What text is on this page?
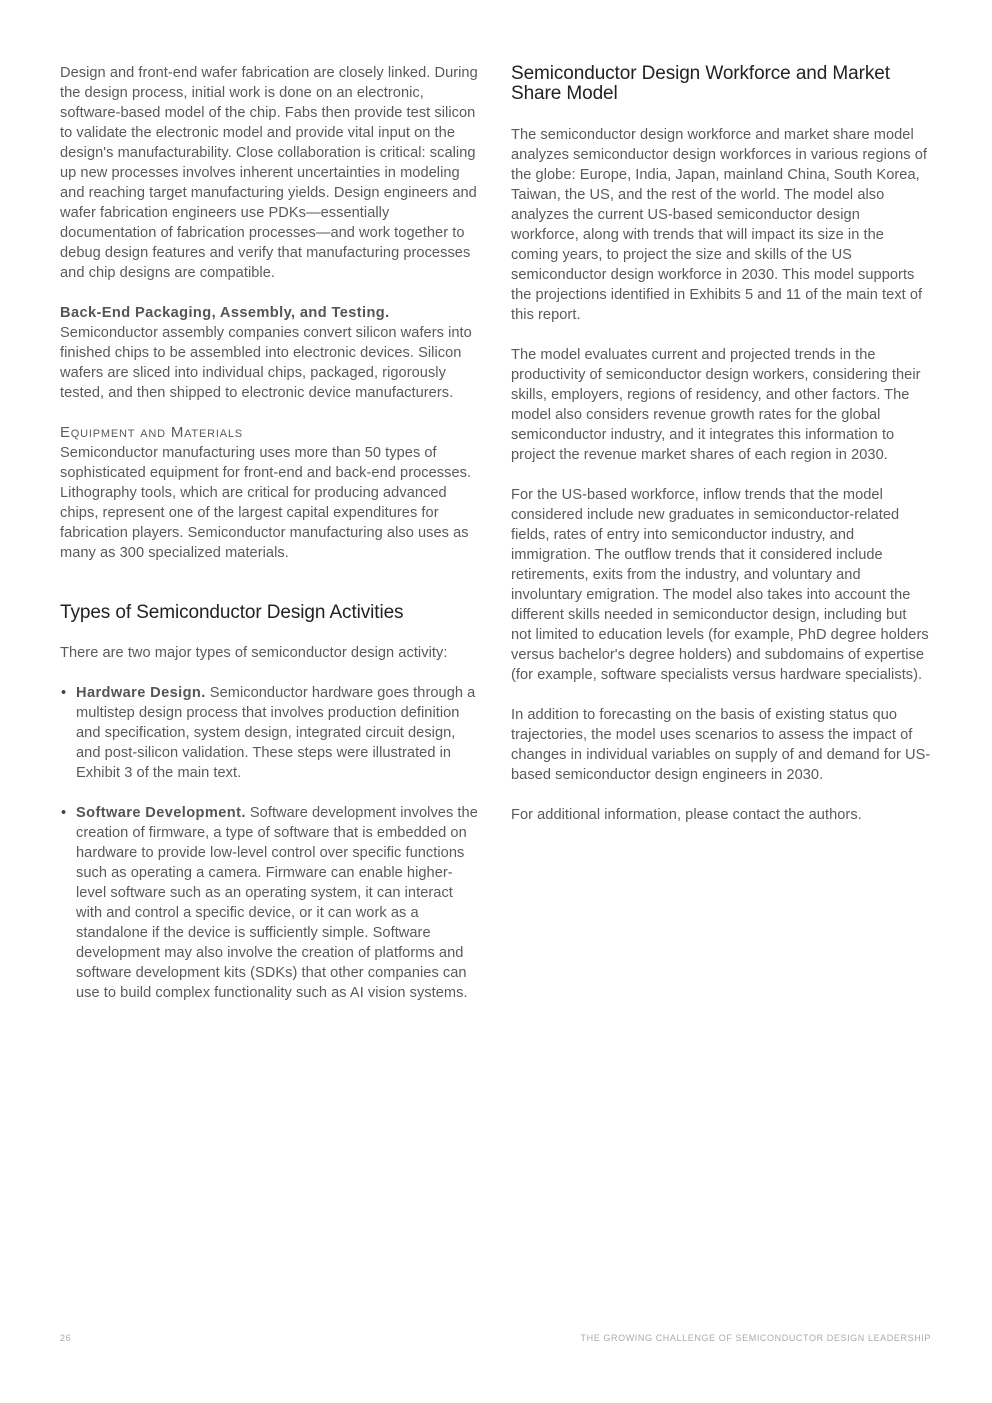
Design and front-end wafer fabrication are closely linked. During the design process, initial work is done on an electronic, software-based model of the chip. Fabs then provide test silicon to validate the electronic model and provide vital input on the design's manufacturability. Close collaboration is critical: scaling up new processes involves inherent uncertainties in modeling and reaching target manufacturing yields. Design engineers and wafer fabrication engineers use PDKs—essentially documentation of fabrication processes—and work together to debug design features and verify that manufacturing processes and chip designs are compatible.

Back-End Packaging, Assembly, and Testing. Semiconductor assembly companies convert silicon wafers into finished chips to be assembled into electronic devices. Silicon wafers are sliced into individual chips, packaged, rigorously tested, and then shipped to electronic device manufacturers.

Equipment and Materials

Semiconductor manufacturing uses more than 50 types of sophisticated equipment for front-end and back-end processes. Lithography tools, which are critical for producing advanced chips, represent one of the largest capital expenditures for fabrication players. Semiconductor manufacturing also uses as many as 300 specialized materials.

Types of Semiconductor Design Activities

There are two major types of semiconductor design activity:

• Hardware Design. Semiconductor hardware goes through a multistep design process that involves production definition and specification, system design, integrated circuit design, and post-silicon validation. These steps were illustrated in Exhibit 3 of the main text.
• Software Development. Software development involves the creation of firmware, a type of software that is embedded on hardware to provide low-level control over specific functions such as operating a camera. Firmware can enable higher-level software such as an operating system, it can interact with and control a specific device, or it can work as a standalone if the device is sufficiently simple. Software development may also involve the creation of platforms and software development kits (SDKs) that other companies can use to build complex functionality such as AI vision systems.
Semiconductor Design Workforce and Market Share Model

The semiconductor design workforce and market share model analyzes semiconductor design workforces in various regions of the globe: Europe, India, Japan, mainland China, South Korea, Taiwan, the US, and the rest of the world. The model also analyzes the current US-based semiconductor design workforce, along with trends that will impact its size in the coming years, to project the size and skills of the US semiconductor design workforce in 2030. This model supports the projections identified in Exhibits 5 and 11 of the main text of this report.

The model evaluates current and projected trends in the productivity of semiconductor design workers, considering their skills, employers, regions of residency, and other factors. The model also considers revenue growth rates for the global semiconductor industry, and it integrates this information to project the revenue market shares of each region in 2030.

For the US-based workforce, inflow trends that the model considered include new graduates in semiconductor-related fields, rates of entry into semiconductor industry, and immigration. The outflow trends that it considered include retirements, exits from the industry, and voluntary and involuntary emigration. The model also takes into account the different skills needed in semiconductor design, including but not limited to education levels (for example, PhD degree holders versus bachelor's degree holders) and subdomains of expertise (for example, software specialists versus hardware specialists).

In addition to forecasting on the basis of existing status quo trajectories, the model uses scenarios to assess the impact of changes in individual variables on supply of and demand for US-based semiconductor design engineers in 2030.

For additional information, please contact the authors.

26	THE GROWING CHALLENGE OF SEMICONDUCTOR DESIGN LEADERSHIP
